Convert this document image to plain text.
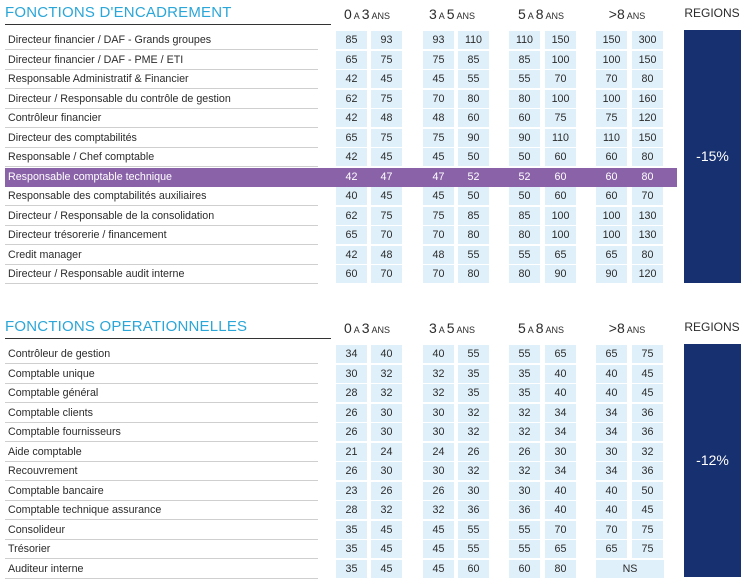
FONCTIONS D'ENCADREMENT	0 A 3 ANS	3 A 5 ANS	5 A 8 ANS	>8 ANS	REGIONS
Directeur financier / DAF - Grands groupes	85	93	93	110	110	150	150	300
Directeur financier / DAF - PME / ETI	65	75	75	85	85	100	100	150
Responsable Administratif & Financier	42	45	45	55	55	70	70	80
Directeur / Responsable du contrôle de gestion	62	75	70	80	80	100	100	160
Contrôleur financier	42	48	48	60	60	75	75	120
Directeur des comptabilités	65	75	75	90	90	110	110	150
Responsable / Chef comptable	42	45	45	50	50	60	60	80
Responsable comptable technique	42	47	47	52	52	60	60	80
Responsable des comptabilités auxiliaires	40	45	45	50	50	60	60	70
Directeur / Responsable de la consolidation	62	75	75	85	85	100	100	130
Directeur trésorerie / financement	65	70	70	80	80	100	100	130
Credit manager	42	48	48	55	55	65	65	80
Directeur / Responsable audit interne	60	70	70	80	80	90	90	120
-15%
FONCTIONS OPERATIONNELLES	0 A 3 ANS	3 A 5 ANS	5 A 8 ANS	>8 ANS	REGIONS
Contrôleur de gestion	34	40	40	55	55	65	65	75
Comptable unique	30	32	32	35	35	40	40	45
Comptable général	28	32	32	35	35	40	40	45
Comptable clients	26	30	30	32	32	34	34	36
Comptable fournisseurs	26	30	30	32	32	34	34	36
Aide comptable	21	24	24	26	26	30	30	32
Recouvrement	26	30	30	32	32	34	34	36
Comptable bancaire	23	26	26	30	30	40	40	50
Comptable technique assurance	28	32	32	36	36	40	40	45
Consolideur	35	45	45	55	55	70	70	75
Trésorier	35	45	45	55	55	65	65	75
Auditeur interne	35	45	45	60	60	80	NS
-12%
